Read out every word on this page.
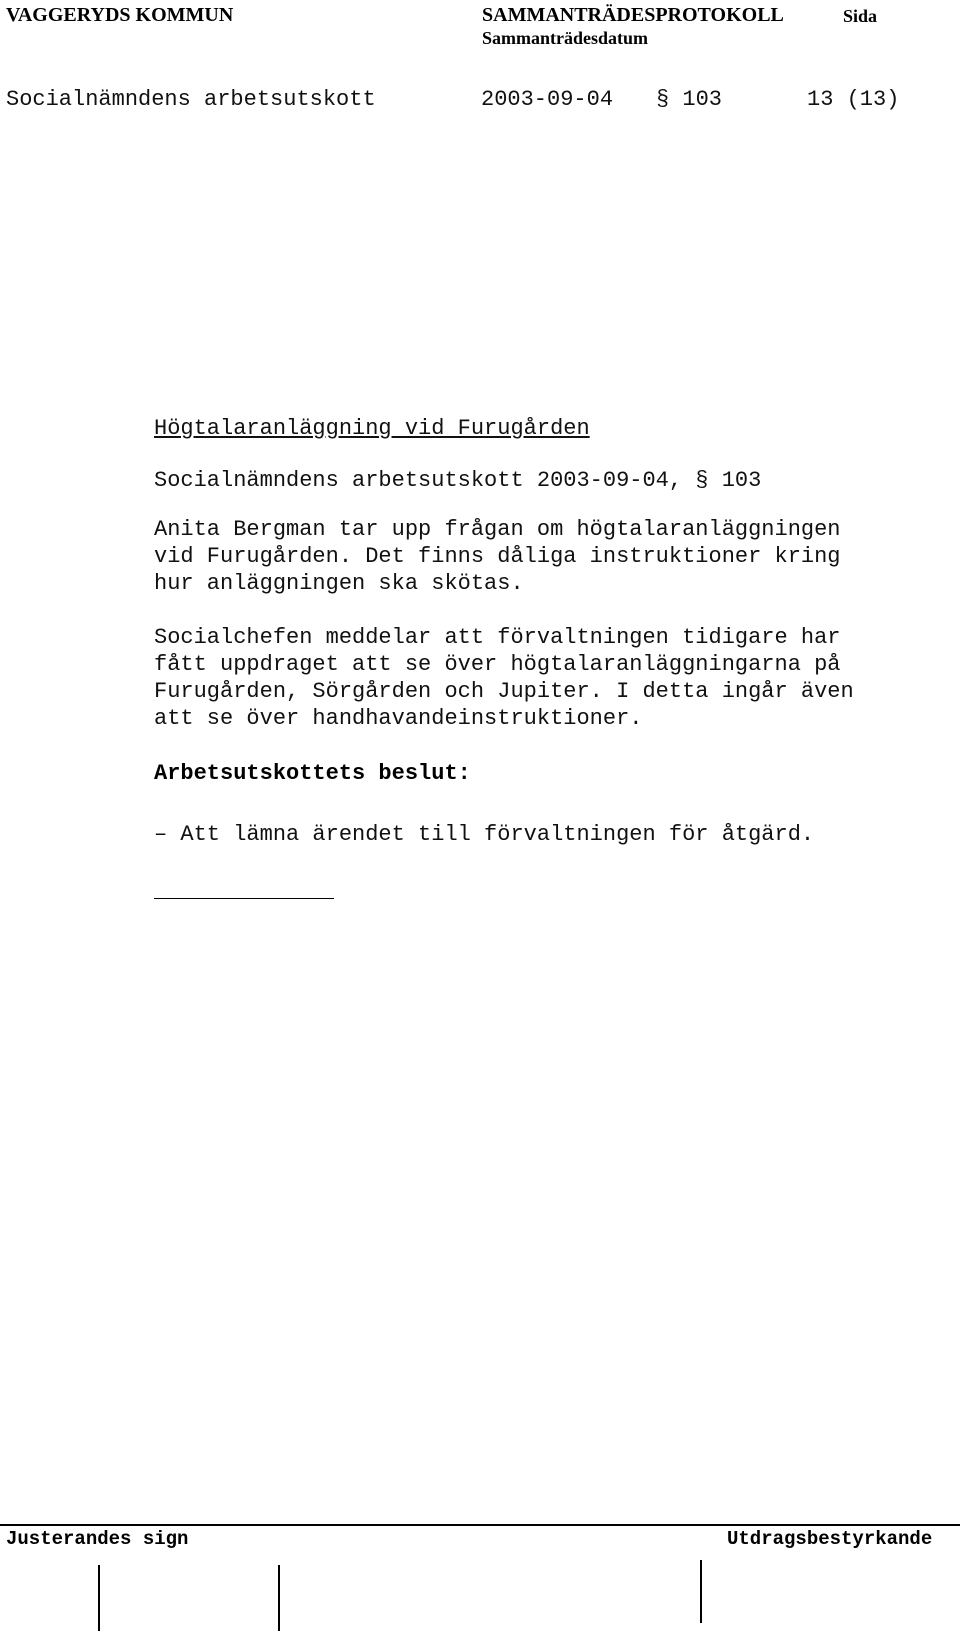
VAGGERYDS KOMMUN	SAMMANTRÄDESPROTOKOLL
Sammanträdesdatum
Sida
Socialnämndens arbetsutskott	2003-09-04 § 103	13 (13)
Högtalaranläggning vid Furugården
Socialnämndens arbetsutskott 2003-09-04, § 103
Anita Bergman tar upp frågan om högtalaranläggningen
vid Furugården. Det finns dåliga instruktioner kring
hur anläggningen ska skötas.
Socialchefen meddelar att förvaltningen tidigare har
fått uppdraget att se över högtalaranläggningarna på
Furugården, Sörgården och Jupiter. I detta ingår även
att se över handhavandeinstruktioner.
Arbetsutskottets beslut:
– Att lämna ärendet till förvaltningen för åtgärd.
Justerandes sign	Utdragsbestyrkande
